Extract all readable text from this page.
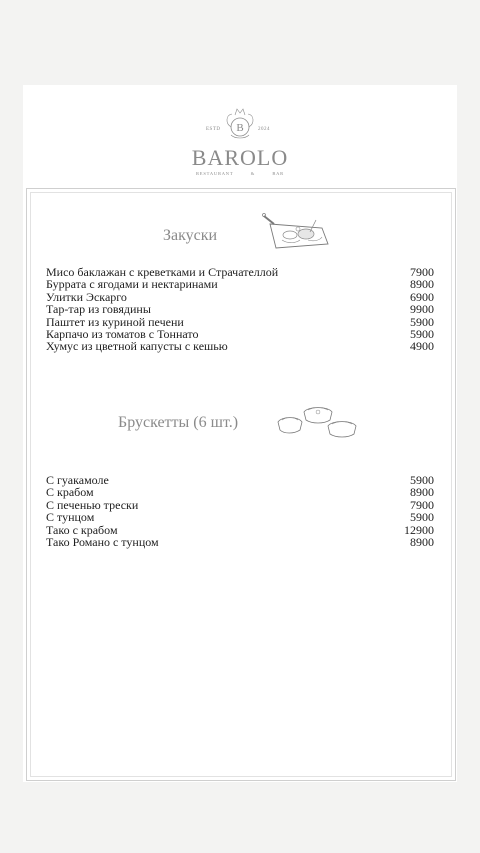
B
ESTD	2024
BAROLO
RESTAURANT	&	BAR
Закуски
Мисо баклажан с креветками и Страчателлой	7900
Буррата с ягодами и нектаринами	8900
Улитки Эскарго	6900
Тар-тар из говядины	9900
Паштет из куриной печени	5900
Карпачо из томатов с Тоннато	5900
Хумус из цветной капусты с кешью	4900
Брускетты (6 шт.)
С гуакамоле	5900
С крабом	8900
С печенью трески	7900
С тунцом	5900
Тако с крабом	12900
Тако Романо с тунцом	8900
